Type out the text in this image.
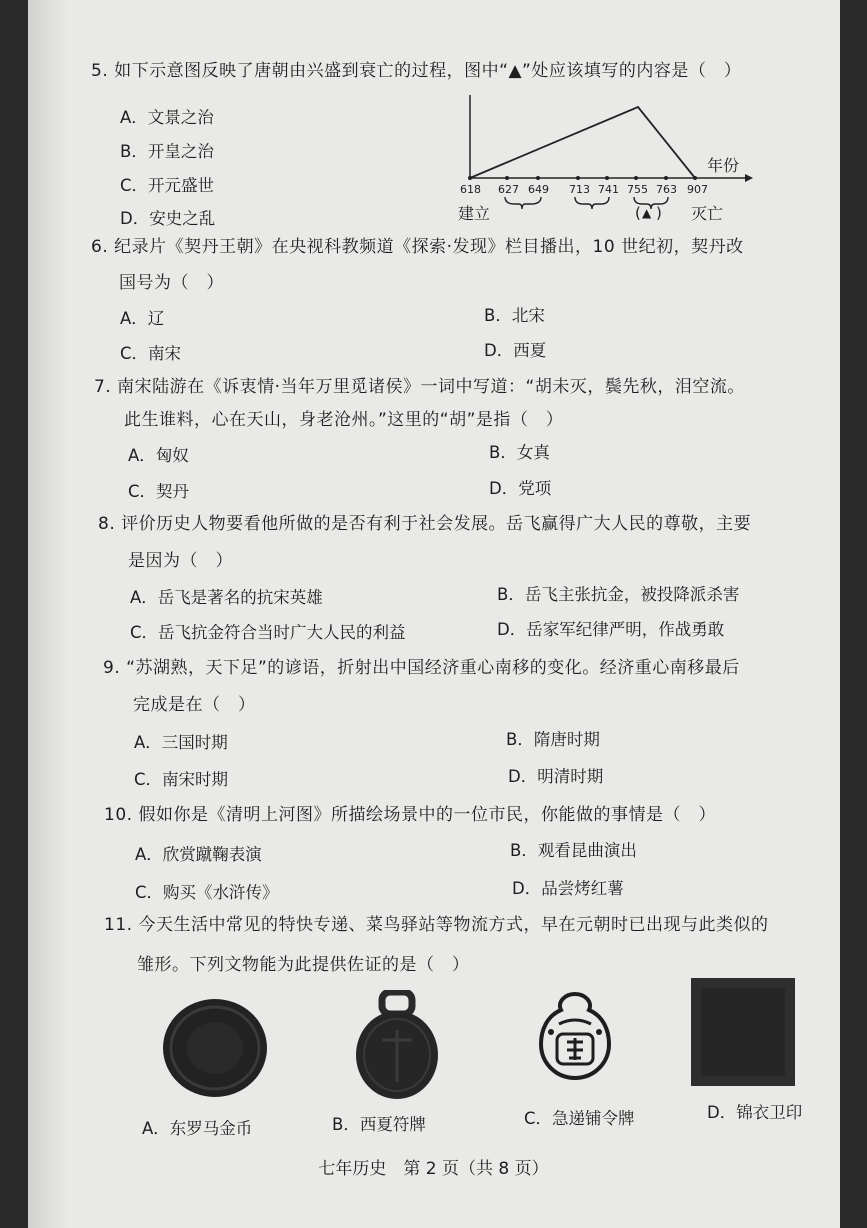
5. 如下示意图反映了唐朝由兴盛到衰亡的过程，图中“▲”处应该填写的内容是（　）
A．文景之治
B．开皇之治
C．开元盛世
D．安史之乱
年份
618 627 649 713 741 755 763 907
建立	灭亡
( ▲ )
6. 纪录片《契丹王朝》在央视科教频道《探索·发现》栏目播出，10 世纪初，契丹改
国号为（　）
A．辽	B．北宋
C．南宋	D．西夏
7. 南宋陆游在《诉衷情·当年万里觅诸侯》一词中写道：“胡未灭，鬓先秋，泪空流。
此生谁料，心在天山，身老沧州。”这里的“胡”是指（　）
A．匈奴	B．女真
C．契丹	D．党项
8. 评价历史人物要看他所做的是否有利于社会发展。岳飞赢得广大人民的尊敬，主要
是因为（　）
A．岳飞是著名的抗宋英雄	B．岳飞主张抗金，被投降派杀害
C．岳飞抗金符合当时广大人民的利益	D．岳家军纪律严明，作战勇敢
9. “苏湖熟，天下足”的谚语，折射出中国经济重心南移的变化。经济重心南移最后
完成是在（　）
A．三国时期	B．隋唐时期
C．南宋时期	D．明清时期
10. 假如你是《清明上河图》所描绘场景中的一位市民，你能做的事情是（　）
A．欣赏蹴鞠表演	B．观看昆曲演出
C．购买《水浒传》	D．品尝烤红薯
11. 今天生活中常见的特快专递、菜鸟驿站等物流方式，早在元朝时已出现与此类似的
雏形。下列文物能为此提供佐证的是（　）
A．东罗马金币	B．西夏符牌	C．急递铺令牌	D．锦衣卫印
七年历史　第 2 页（共 8 页）
